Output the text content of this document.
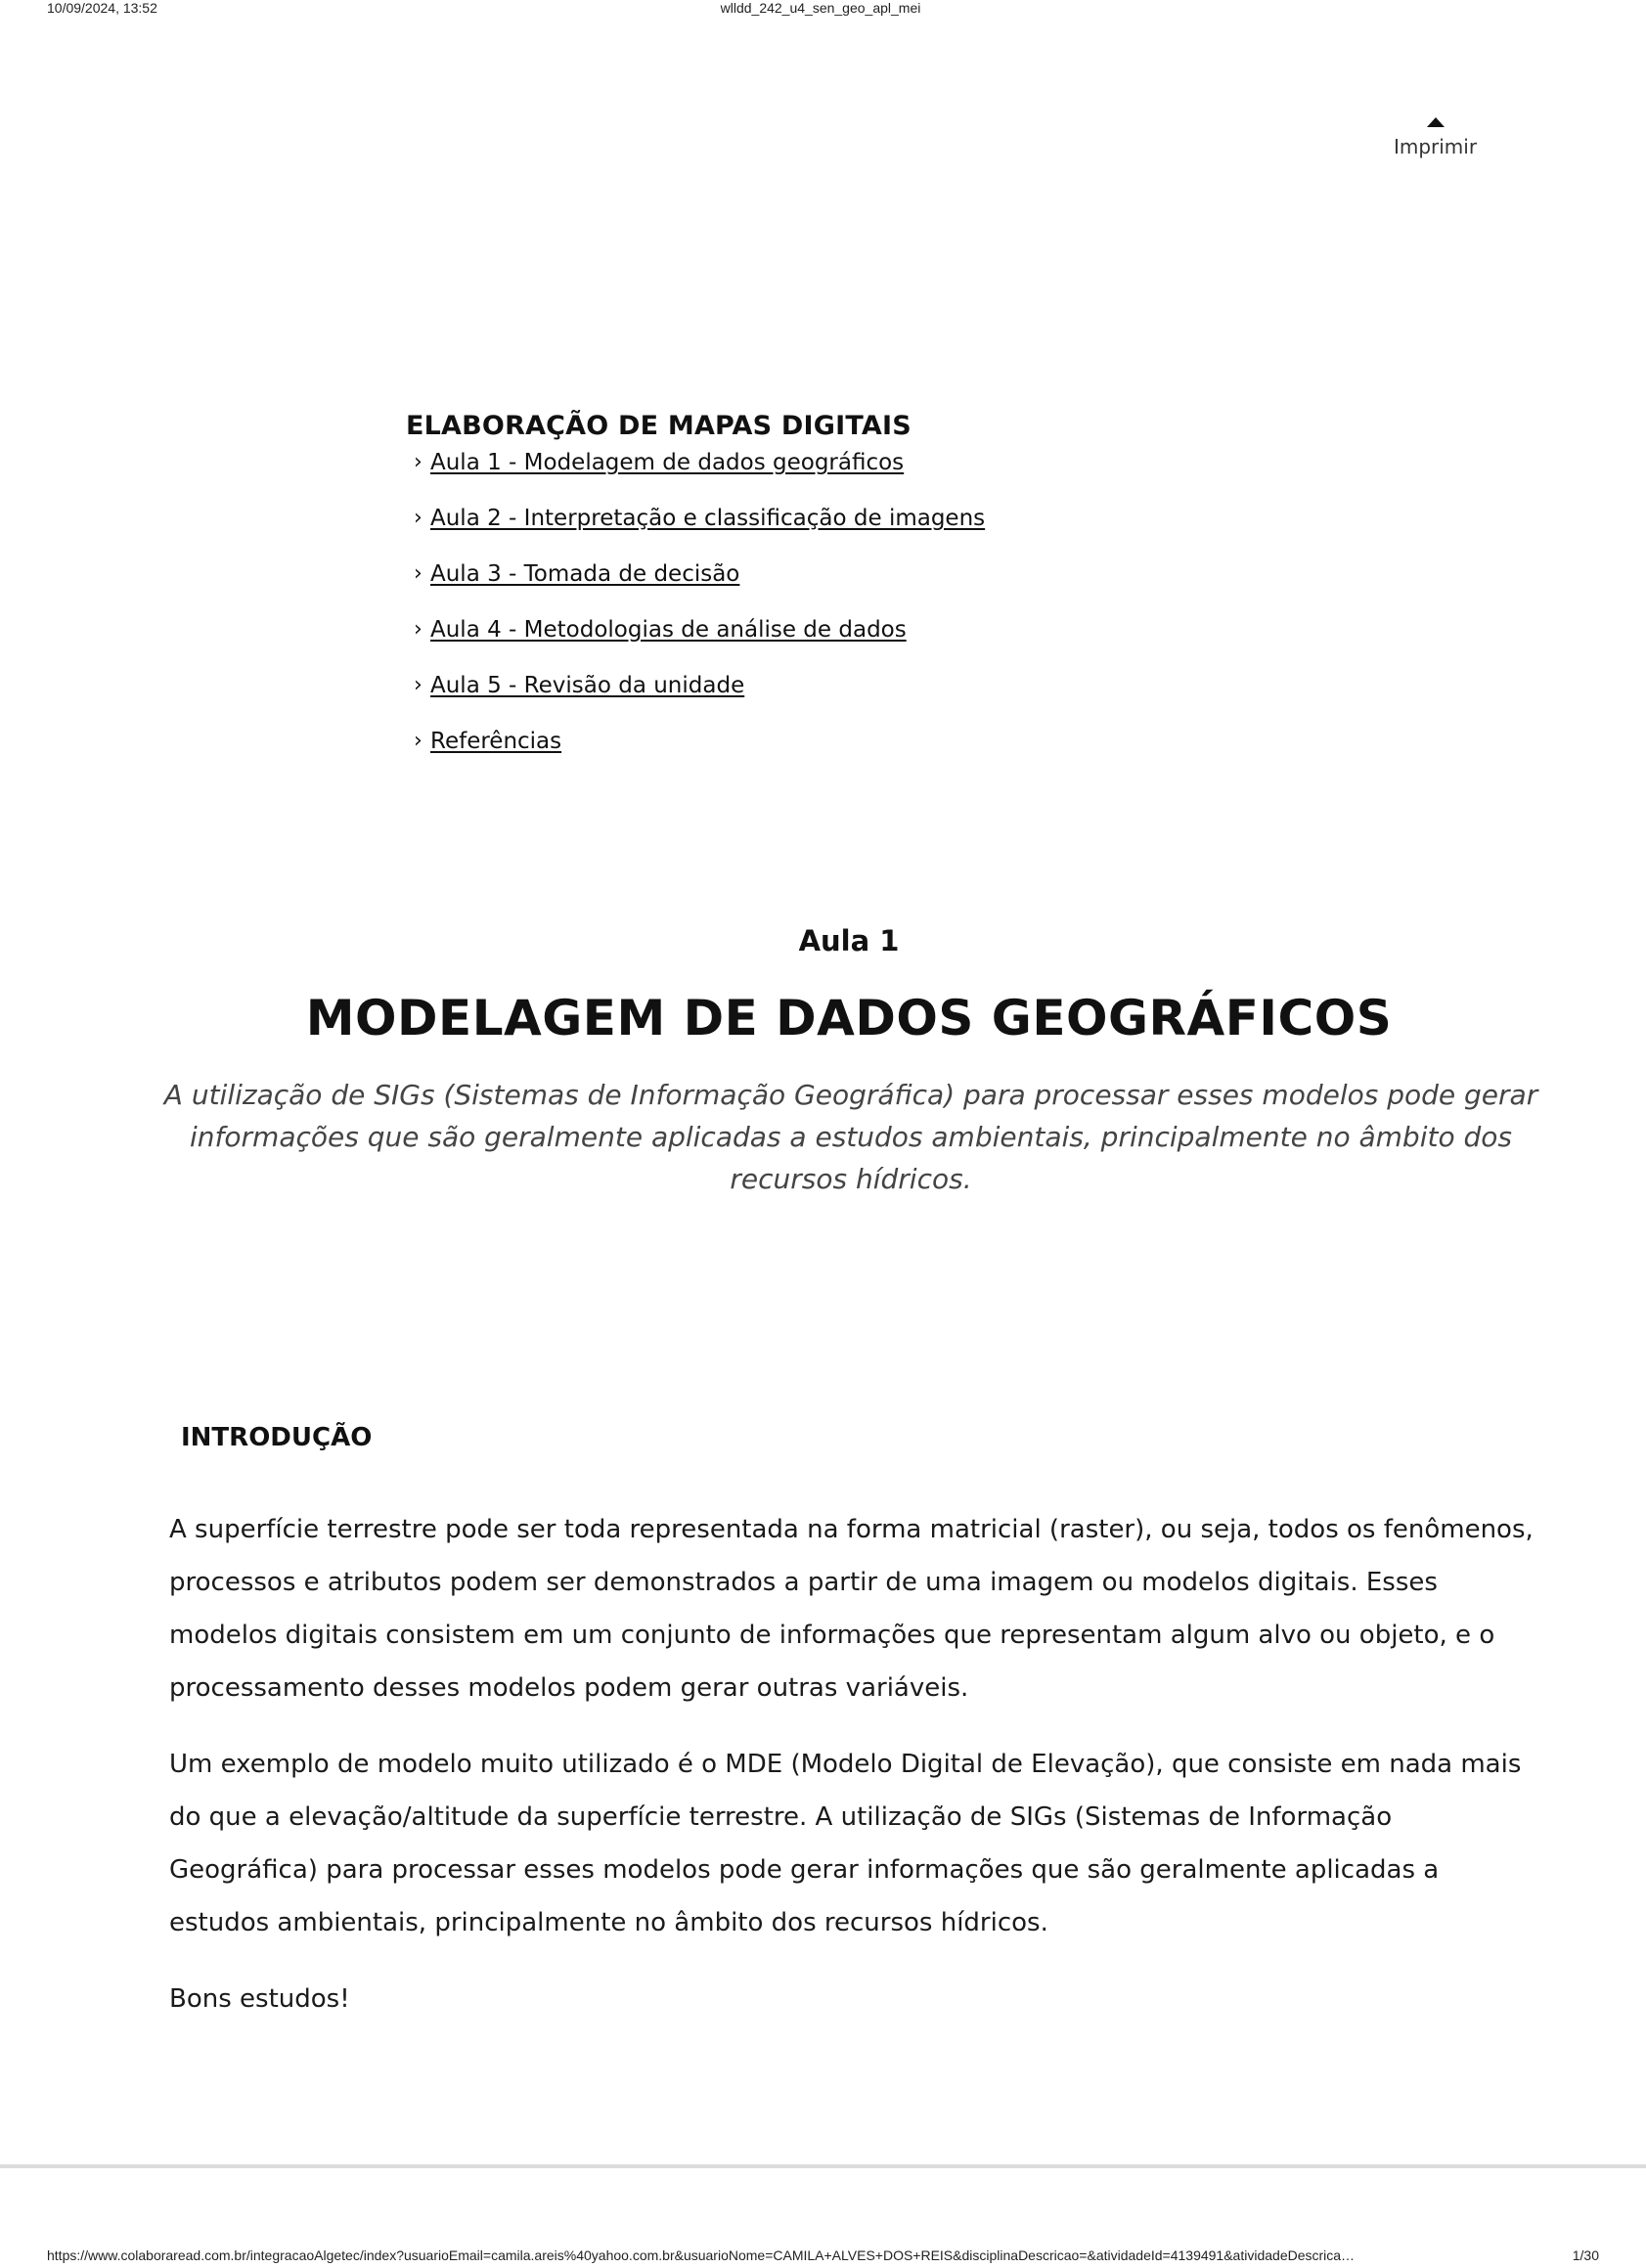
10/09/2024, 13:52	wlldd_242_u4_sen_geo_apl_mei
Imprimir
ELABORAÇÃO DE MAPAS DIGITAIS
› Aula 1 - Modelagem de dados geográficos
› Aula 2 - Interpretação e classificação de imagens
› Aula 3 - Tomada de decisão
› Aula 4 - Metodologias de análise de dados
› Aula 5 - Revisão da unidade
› Referências
Aula 1
MODELAGEM DE DADOS GEOGRÁFICOS
A utilização de SIGs (Sistemas de Informação Geográfica) para processar esses modelos pode gerar informações que são geralmente aplicadas a estudos ambientais, principalmente no âmbito dos recursos hídricos.
INTRODUÇÃO

A superfície terrestre pode ser toda representada na forma matricial (raster), ou seja, todos os fenômenos, processos e atributos podem ser demonstrados a partir de uma imagem ou modelos digitais. Esses modelos digitais consistem em um conjunto de informações que representam algum alvo ou objeto, e o processamento desses modelos podem gerar outras variáveis.

Um exemplo de modelo muito utilizado é o MDE (Modelo Digital de Elevação), que consiste em nada mais do que a elevação/altitude da superfície terrestre. A utilização de SIGs (Sistemas de Informação Geográfica) para processar esses modelos pode gerar informações que são geralmente aplicadas a estudos ambientais, principalmente no âmbito dos recursos hídricos.

Bons estudos!

https://www.colaboraread.com.br/integracaoAlgetec/index?usuarioEmail=camila.areis%40yahoo.com.br&usuarioNome=CAMILA+ALVES+DOS+REIS&disciplinaDescricao=&atividadeId=4139491&atividadeDescrica…	1/30
